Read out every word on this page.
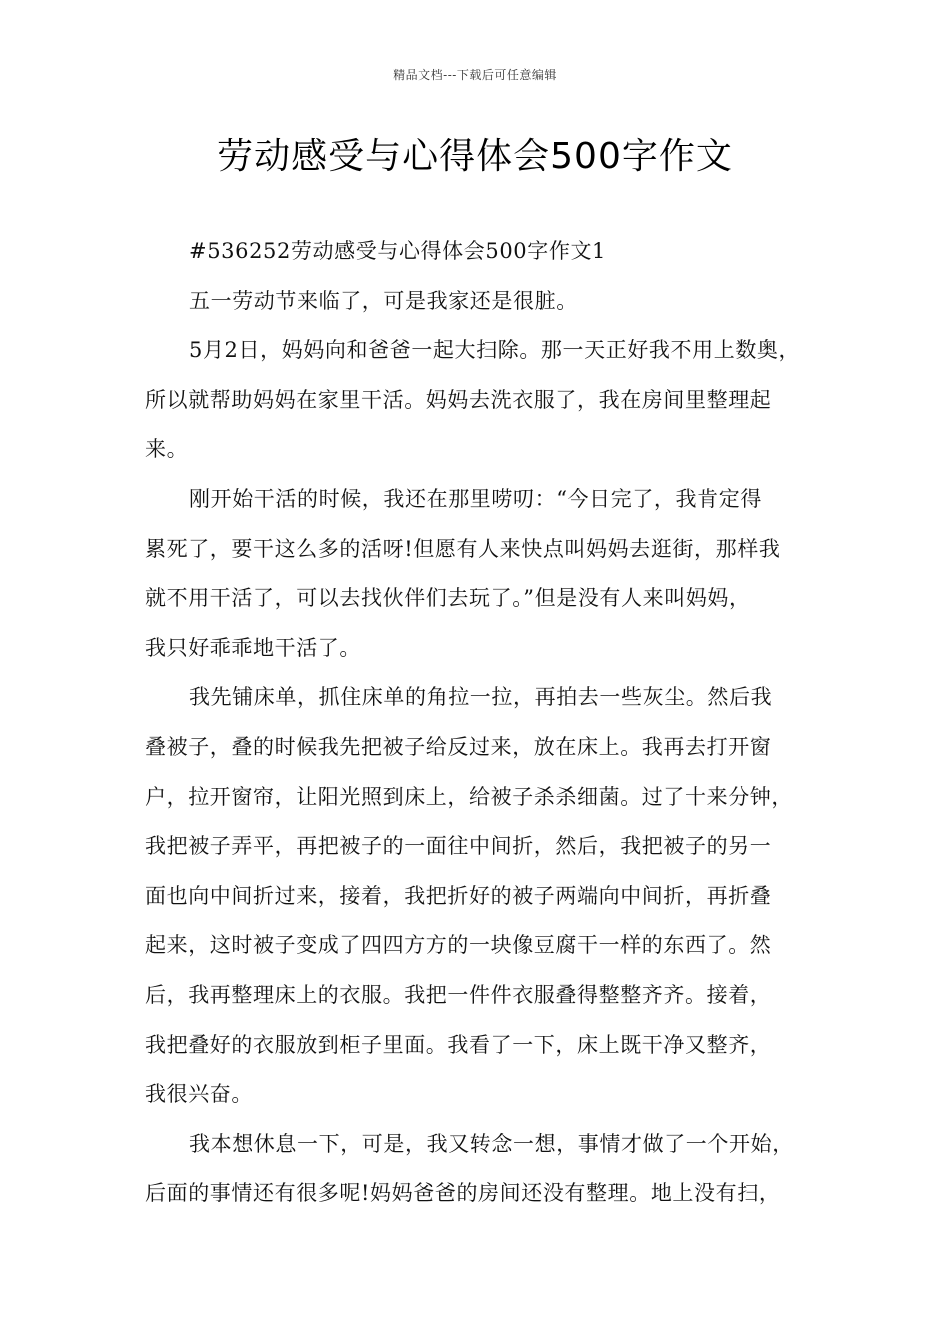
精品文档---下载后可任意编辑
劳动感受与心得体会500字作文
#536252劳动感受与心得体会500字作文1
五一劳动节来临了，可是我家还是很脏。
5月2日，妈妈向和爸爸一起大扫除。那一天正好我不用上数奥，
所以就帮助妈妈在家里干活。妈妈去洗衣服了，我在房间里整理起
来。
刚开始干活的时候，我还在那里唠叨：“今日完了，我肯定得
累死了，要干这么多的活呀!但愿有人来快点叫妈妈去逛街，那样我
就不用干活了，可以去找伙伴们去玩了。”但是没有人来叫妈妈，
我只好乖乖地干活了。
我先铺床单，抓住床单的角拉一拉，再拍去一些灰尘。然后我
叠被子，叠的时候我先把被子给反过来，放在床上。我再去打开窗
户，拉开窗帘，让阳光照到床上，给被子杀杀细菌。过了十来分钟，
我把被子弄平，再把被子的一面往中间折，然后，我把被子的另一
面也向中间折过来，接着，我把折好的被子两端向中间折，再折叠
起来，这时被子变成了四四方方的一块像豆腐干一样的东西了。然
后，我再整理床上的衣服。我把一件件衣服叠得整整齐齐。接着，
我把叠好的衣服放到柜子里面。我看了一下，床上既干净又整齐，
我很兴奋。
我本想休息一下，可是，我又转念一想，事情才做了一个开始，
后面的事情还有很多呢!妈妈爸爸的房间还没有整理。地上没有扫，
